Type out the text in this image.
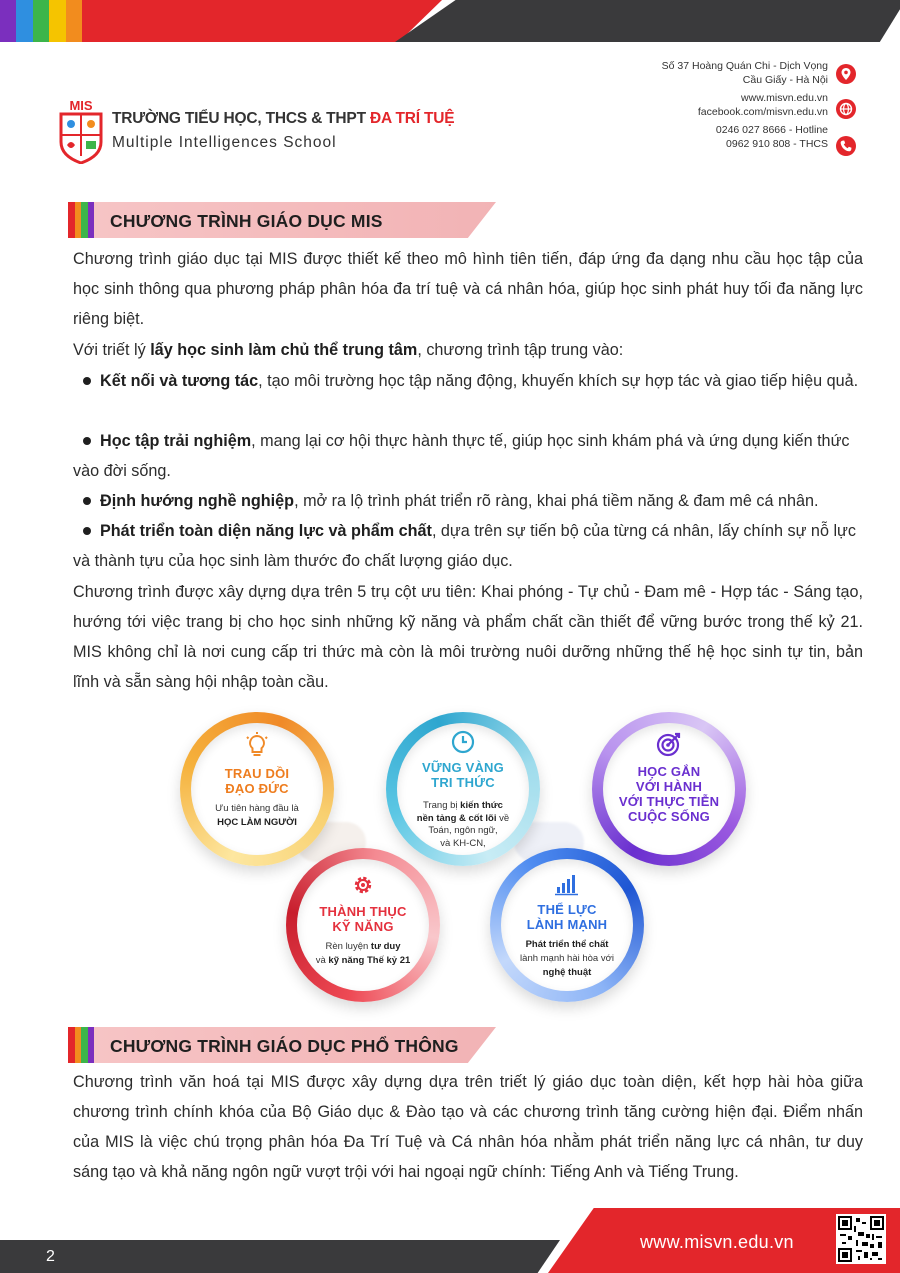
MIS
TRƯỜNG TIỂU HỌC, THCS & THPT ĐA TRÍ TUỆ
Multiple Intelligences School
Số 37 Hoàng Quán Chi - Dịch Vọng
Cầu Giấy - Hà Nội
www.misvn.edu.vn
facebook.com/misvn.edu.vn
0246 027 8666 - Hotline
0962 910 808 - THCS
CHƯƠNG TRÌNH GIÁO DỤC MIS
Chương trình giáo dục tại MIS được thiết kế theo mô hình tiên tiến, đáp ứng đa dạng nhu cầu học tập của học sinh thông qua phương pháp phân hóa đa trí tuệ và cá nhân hóa, giúp học sinh phát huy tối đa năng lực riêng biệt.
Với triết lý lấy học sinh làm chủ thể trung tâm, chương trình tập trung vào:
Kết nối và tương tác, tạo môi trường học tập năng động, khuyến khích sự hợp tác và giao tiếp hiệu quả.
Học tập trải nghiệm, mang lại cơ hội thực hành thực tế, giúp học sinh khám phá và ứng dụng kiến thức vào đời sống.
Định hướng nghề nghiệp, mở ra lộ trình phát triển rõ ràng, khai phá tiềm năng & đam mê cá nhân.
Phát triển toàn diện năng lực và phẩm chất, dựa trên sự tiến bộ của từng cá nhân, lấy chính sự nỗ lực và thành tựu của học sinh làm thước đo chất lượng giáo dục.
Chương trình được xây dựng dựa trên 5 trụ cột ưu tiên: Khai phóng - Tự chủ - Đam mê - Hợp tác - Sáng tạo, hướng tới việc trang bị cho học sinh những kỹ năng và phẩm chất cần thiết để vững bước trong thế kỷ 21. MIS không chỉ là nơi cung cấp tri thức mà còn là môi trường nuôi dưỡng những thế hệ học sinh tự tin, bản lĩnh và sẵn sàng hội nhập toàn cầu.
TRAU DỒI
ĐẠO ĐỨC
Ưu tiên hàng đầu là
HỌC LÀM NGƯỜI
VỮNG VÀNG
TRI THỨC
Trang bị kiến thức
nền tảng & cốt lõi về
Toán, ngôn ngữ,
và KH-CN,
HỌC GẮN
VỚI HÀNH
VỚI THỰC TIỄN
CUỘC SỐNG
THÀNH THỤC
KỸ NĂNG
Rèn luyện tư duy
và kỹ năng Thế kỷ 21
THỂ LỰC
LÀNH MẠNH
Phát triển thể chất
lành mạnh hài hòa với
nghệ thuật
CHƯƠNG TRÌNH GIÁO DỤC PHỔ THÔNG
Chương trình văn hoá tại MIS được xây dựng dựa trên triết lý giáo dục toàn diện, kết hợp hài hòa giữa chương trình chính khóa của Bộ Giáo dục & Đào tạo và các chương trình tăng cường hiện đại. Điểm nhấn của MIS là việc chú trọng phân hóa Đa Trí Tuệ và Cá nhân hóa nhằm phát triển năng lực cá nhân, tư duy sáng tạo và khả năng ngôn ngữ vượt trội với hai ngoại ngữ chính: Tiếng Anh và Tiếng Trung.
2
www.misvn.edu.vn
